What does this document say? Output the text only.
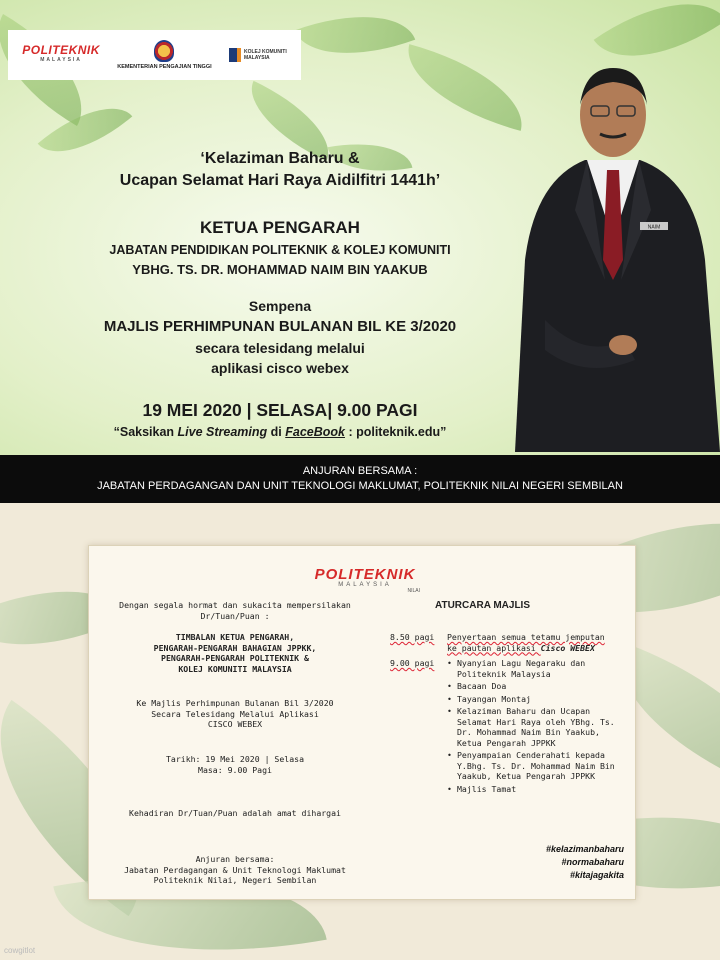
POLITEKNIK
MALAYSIA
KEMENTERIAN PENGAJIAN TINGGI
KOLEJ KOMUNITI
MALAYSIA
‘Kelaziman Baharu &
Ucapan Selamat Hari Raya Aidilfitri 1441h’
KETUA PENGARAH
JABATAN PENDIDIKAN POLITEKNIK & KOLEJ KOMUNITI
YBHG. TS. DR. MOHAMMAD NAIM BIN YAAKUB
Sempena
MAJLIS PERHIMPUNAN BULANAN BIL KE 3/2020
secara telesidang melalui
aplikasi cisco webex
19 MEI 2020 | SELASA| 9.00 PAGI
“Saksikan Live Streaming di FaceBook : politeknik.edu”
NAIM
ANJURAN BERSAMA :
JABATAN PERDAGANGAN DAN UNIT TEKNOLOGI MAKLUMAT, POLITEKNIK NILAI NEGERI SEMBILAN
POLITEKNIK
MALAYSIA
NILAI
Dengan segala hormat dan sukacita mempersilakan
Dr/Tuan/Puan :
TIMBALAN KETUA PENGARAH,
PENGARAH-PENGARAH BAHAGIAN JPPKK,
PENGARAH-PENGARAH POLITEKNIK &
KOLEJ KOMUNITI MALAYSIA
Ke Majlis Perhimpunan Bulanan Bil 3/2020
Secara Telesidang Melalui Aplikasi
CISCO WEBEX
Tarikh: 19 Mei 2020 | Selasa
Masa: 9.00 Pagi
Kehadiran Dr/Tuan/Puan adalah amat dihargai
Anjuran bersama:
Jabatan Perdagangan & Unit Teknologi Maklumat
Politeknik Nilai, Negeri Sembilan
ATURCARA MAJLIS
8.50 pagi Penyertaan semua tetamu jemputan
ke pautan aplikasi Cisco WEBEX
9.00 pagi
•	Nyanyian Lagu Negaraku dan Politeknik Malaysia
• Bacaan Doa
• Tayangan Montaj
• Kelaziman Baharu dan Ucapan Selamat Hari Raya oleh YBhg. Ts. Dr. Mohammad Naim Bin Yaakub, Ketua Pengarah JPPKK
• Penyampaian Cenderahati kepada Y.Bhg. Ts. Dr. Mohammad Naim Bin Yaakub, Ketua Pengarah JPPKK
• Majlis Tamat
#kelazimanbaharu
#normabaharu
#kitajagakita
cowgitlot
